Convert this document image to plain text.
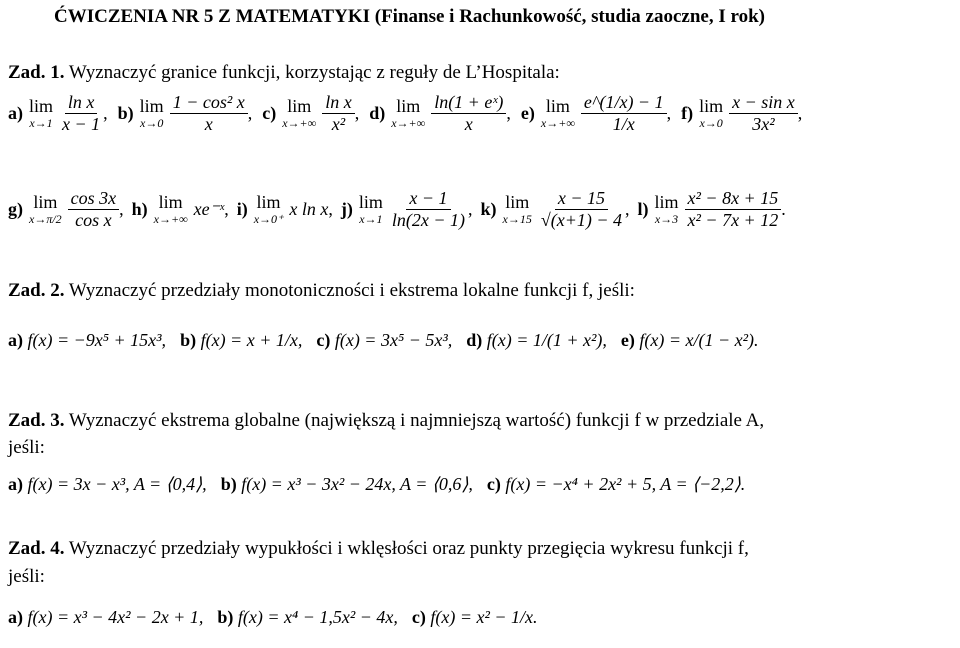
ĆWICZENIA NR 5 Z MATEMATYKI (Finanse i Rachunkowość, studia zaoczne, I rok)
Zad. 1. Wyznaczyć granice funkcji, korzystając z reguły de L’Hospitala:
a) lim
$x\to 1 \frac{\text{ln x}}{x - 1}$ , b) lim
$x\to 0 \frac{\text{1 − cos² x}}{x}$ , c) lim
$x\to+\infty \frac{\text{ln x}}{\text{x²}}$ , d) lim
$x\to+\infty \frac{\text{ln(1 + eˣ)}}{x}$ , e) lim
$x\to+\infty \frac{e\^{}(1/x) - 1}{1/x}$ , f) lim
$x\to 0 \frac{\text{x − sin x}}{\text{3x²}}$ ,
g) lim
$x\to\pi/2 \frac{\cos 3x}{\text{cos x}}$ , h) lim
x→+∞ xe⁻ˣ , i) lim
x→0⁺ x ln x , j) lim
$x\to 1 \frac{x - 1}{\ln(2x - 1)}$ , k) lim
$x\to 15 \frac{x - 15}{√(x+1) - 4}$ , l) lim
$x\to 3 \frac{\text{x² − 8x + 15}}{\text{x² − 7x + 12}}$ .
Zad. 2. Wyznaczyć przedziały monotoniczności i ekstrema lokalne funkcji f, jeśli:
a) f(x) = −9x⁵ + 15x³, b) f(x) = x + 1/x, c) f(x) = 3x⁵ − 5x³, d) f(x) = 1/(1 + x²), e) f(x) = x/(1 − x²).
Zad. 3. Wyznaczyć ekstrema globalne (największą i najmniejszą wartość) funkcji f w przedziale A,
jeśli:
a) f(x) = 3x − x³, A = ⟨0,4⟩, b) f(x) = x³ − 3x² − 24x, A = ⟨0,6⟩, c) f(x) = −x⁴ + 2x² + 5, A = ⟨−2,2⟩.
Zad. 4. Wyznaczyć przedziały wypukłości i wklęsłości oraz punkty przegięcia wykresu funkcji f,
jeśli:
a) f(x) = x³ − 4x² − 2x + 1, b) f(x) = x⁴ − 1,5x² − 4x, c) f(x) = x² − 1/x.
